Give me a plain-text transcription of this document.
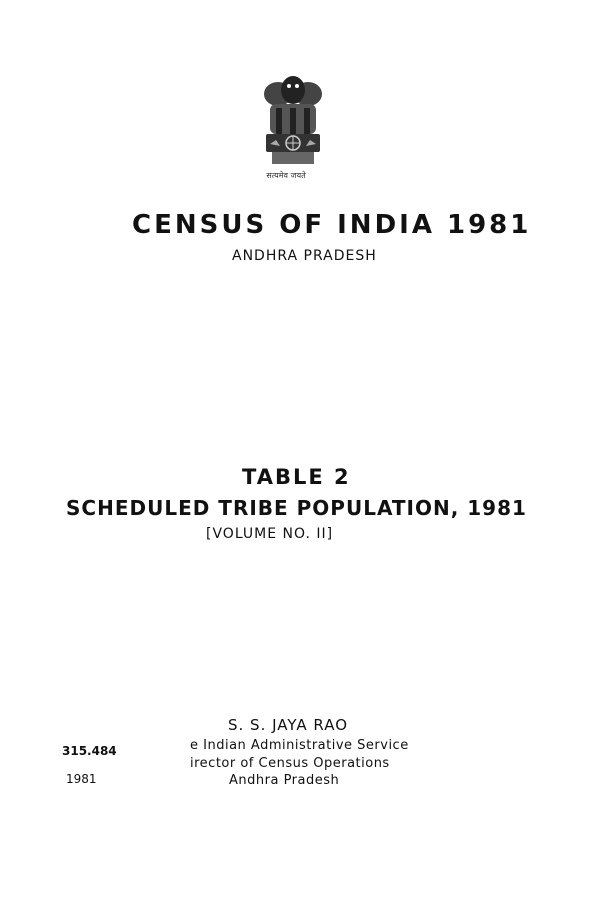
सत्यमेव जयते
CENSUS OF INDIA 1981
ANDHRA PRADESH
TABLE 2
SCHEDULED TRIBE POPULATION, 1981
[VOLUME NO. II]
S. S. JAYA RAO
e Indian Administrative Service
irector of Census Operations
Andhra Pradesh
315.484
1981
